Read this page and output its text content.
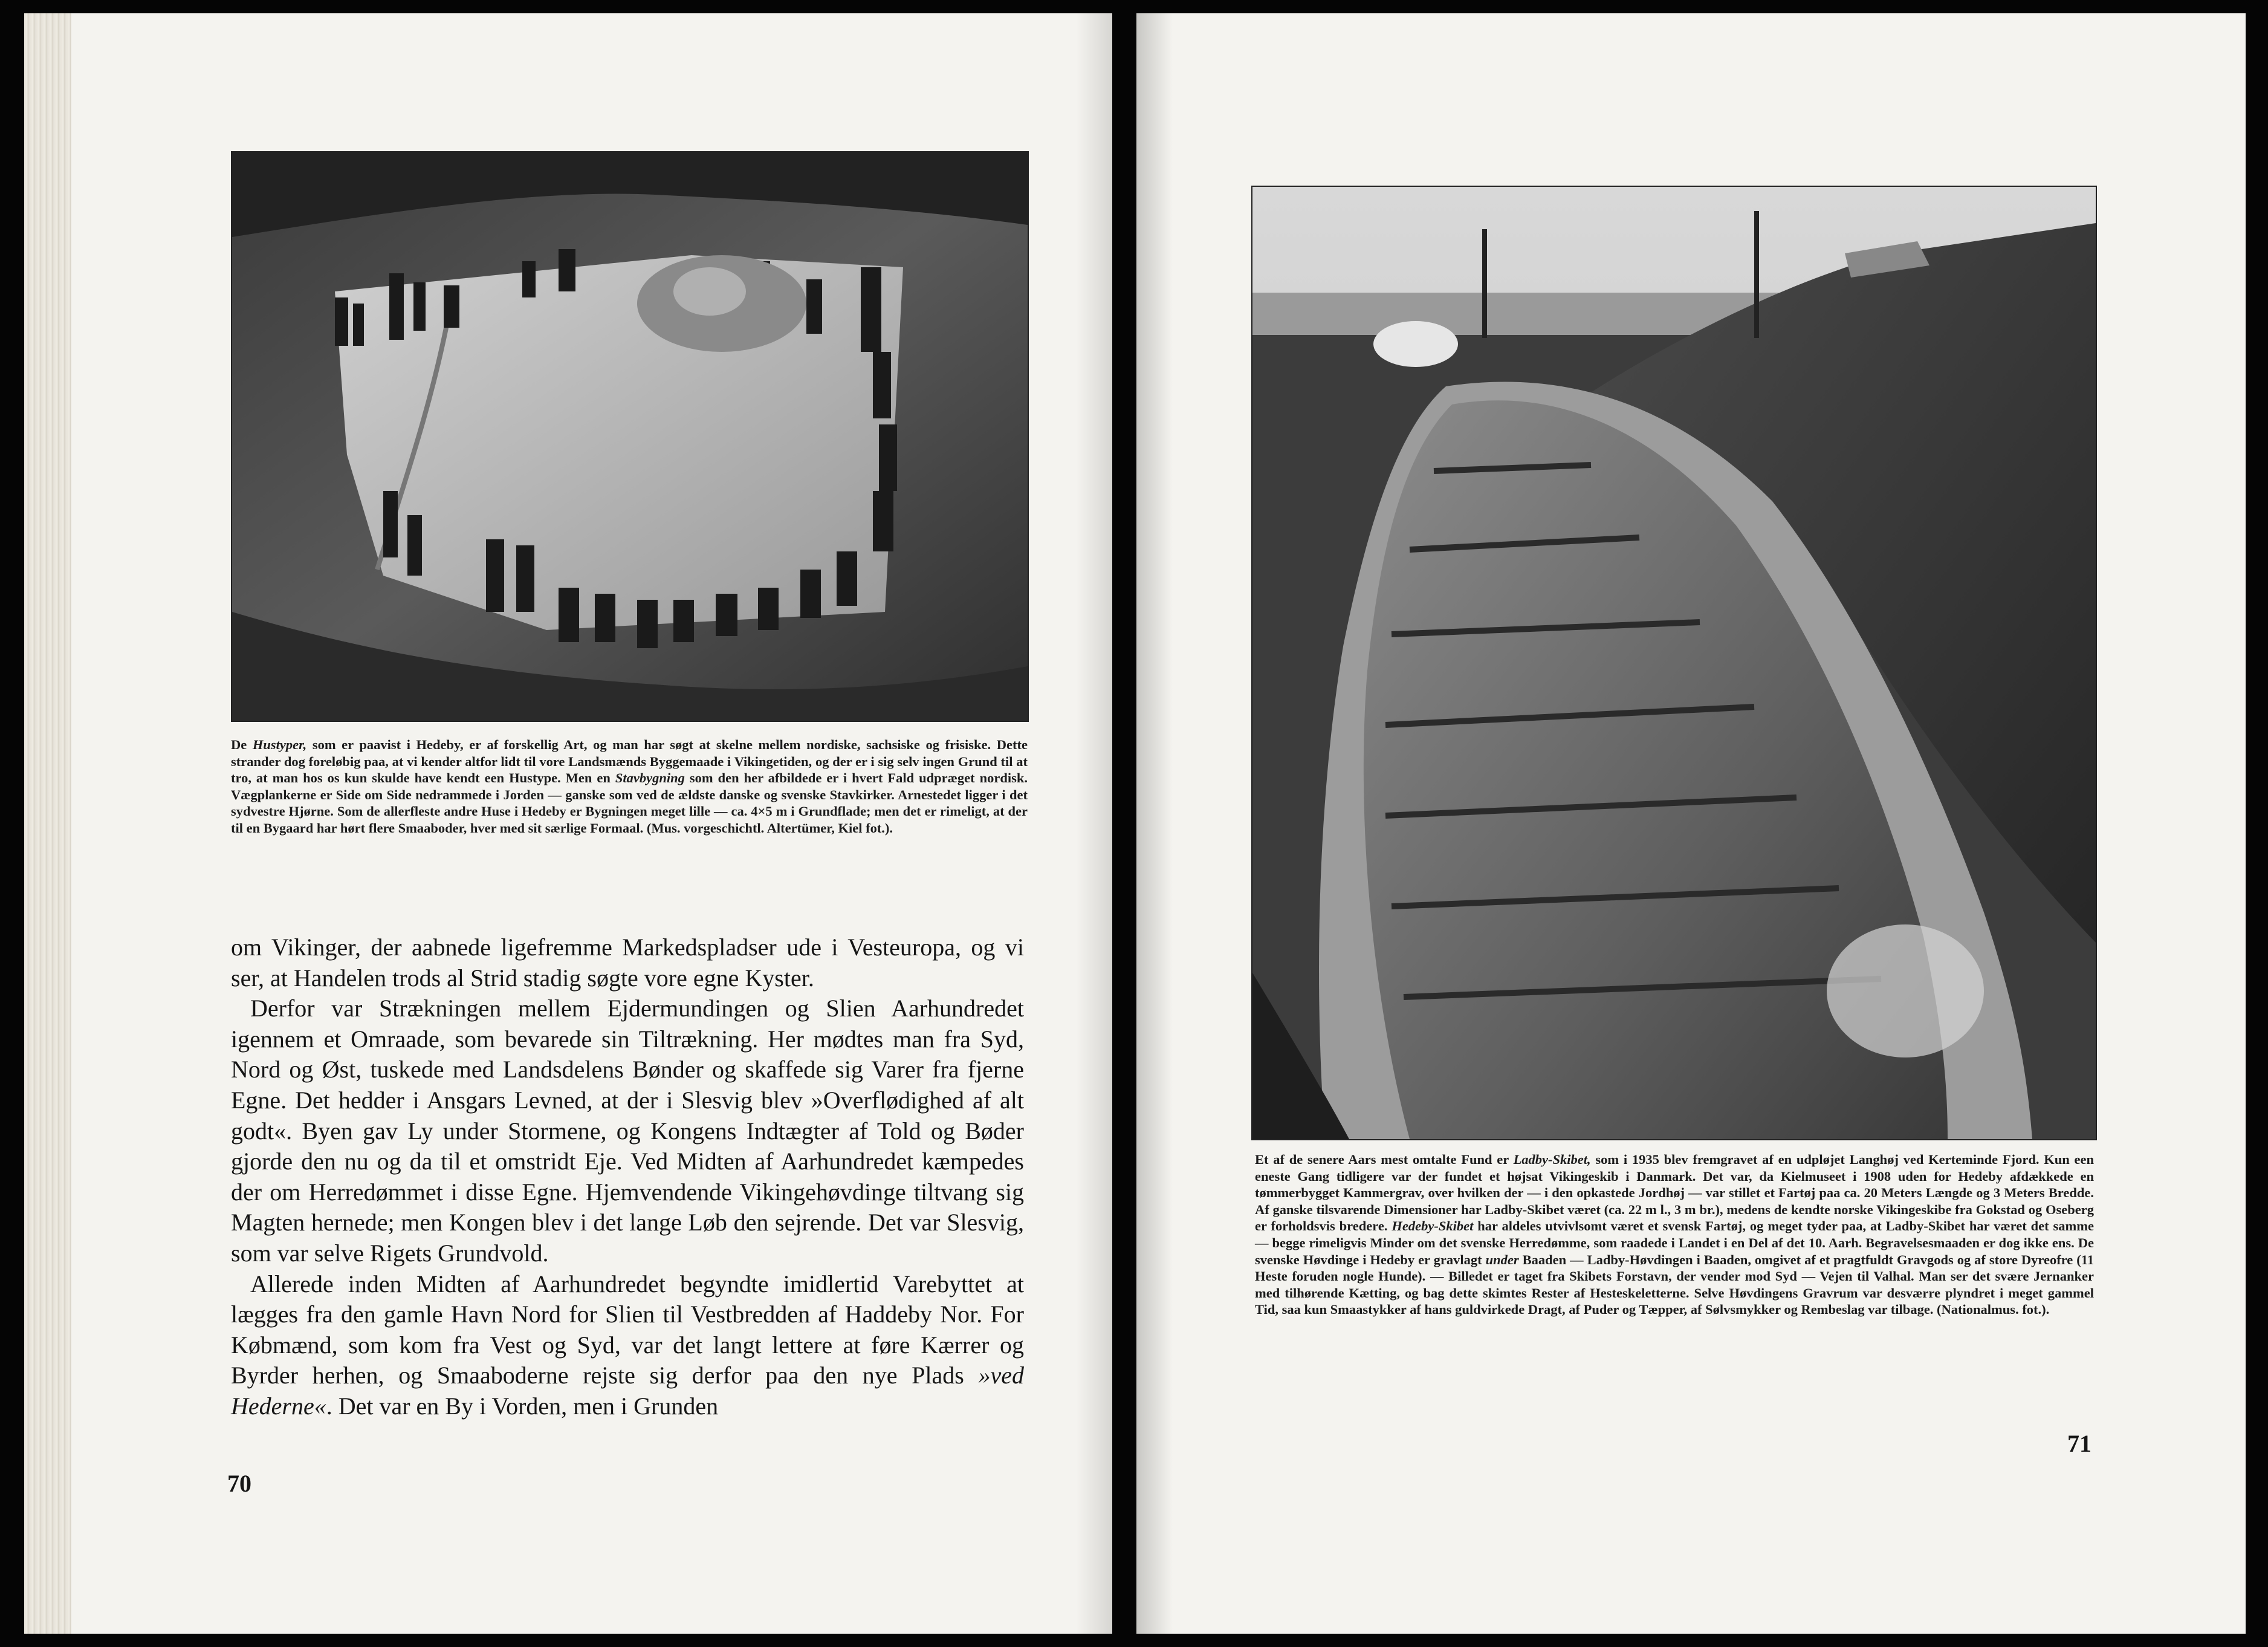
De Hustyper, som er paavist i Hedeby, er af forskellig Art, og man har søgt at skelne mellem nordiske, sachsiske og frisiske. Dette strander dog foreløbig paa, at vi kender altfor lidt til vore Landsmænds Byggemaade i Vikingetiden, og der er i sig selv ingen Grund til at tro, at man hos os kun skulde have kendt een Hustype. Men en Stavbygning som den her afbildede er i hvert Fald udpræget nordisk. Vægplankerne er Side om Side nedrammede i Jorden — ganske som ved de ældste danske og svenske Stavkirker. Arnestedet ligger i det sydvestre Hjørne. Som de allerfleste andre Huse i Hedeby er Bygningen meget lille — ca. 4×5 m i Grundflade; men det er rimeligt, at der til en Bygaard har hørt flere Smaaboder, hver med sit særlige Formaal. (Mus. vorgeschichtl. Altertümer, Kiel fot.).

om Vikinger, der aabnede ligefremme Markedspladser ude i Vesteuropa, og vi ser, at Handelen trods al Strid stadig søgte vore egne Kyster.

Derfor var Strækningen mellem Ejdermundingen og Slien Aarhundredet igennem et Omraade, som bevarede sin Tiltrækning. Her mødtes man fra Syd, Nord og Øst, tuskede med Landsdelens Bønder og skaffede sig Varer fra fjerne Egne. Det hedder i Ansgars Levned, at der i Slesvig blev »Overflødighed af alt godt«. Byen gav Ly under Stormene, og Kongens Indtægter af Told og Bøder gjorde den nu og da til et omstridt Eje. Ved Midten af Aarhundredet kæmpedes der om Herredømmet i disse Egne. Hjemvendende Vikingehøvdinge tiltvang sig Magten hernede; men Kongen blev i det lange Løb den sejrende. Det var Slesvig, som var selve Rigets Grundvold.

Allerede inden Midten af Aarhundredet begyndte imidlertid Varebyttet at lægges fra den gamle Havn Nord for Slien til Vestbredden af Haddeby Nor. For Købmænd, som kom fra Vest og Syd, var det langt lettere at føre Kærrer og Byrder herhen, og Smaaboderne rejste sig derfor paa den nye Plads »ved Hederne«. Det var en By i Vorden, men i Grunden

70

Et af de senere Aars mest omtalte Fund er Ladby-Skibet, som i 1935 blev fremgravet af en udpløjet Langhøj ved Kerteminde Fjord. Kun een eneste Gang tidligere var der fundet et højsat Vikingeskib i Danmark. Det var, da Kielmuseet i 1908 uden for Hedeby afdækkede en tømmerbygget Kammergrav, over hvilken der — i den opkastede Jordhøj — var stillet et Fartøj paa ca. 20 Meters Længde og 3 Meters Bredde. Af ganske tilsvarende Dimensioner har Ladby-Skibet været (ca. 22 m l., 3 m br.), medens de kendte norske Vikingeskibe fra Gokstad og Oseberg er forholdsvis bredere. Hedeby-Skibet har aldeles utvivlsomt været et svensk Fartøj, og meget tyder paa, at Ladby-Skibet har været det samme — begge rimeligvis Minder om det svenske Herredømme, som raadede i Landet i en Del af det 10. Aarh. Begravelsesmaaden er dog ikke ens. De svenske Høvdinge i Hedeby er gravlagt under Baaden — Ladby-Høvdingen i Baaden, omgivet af et pragtfuldt Gravgods og af store Dyreofre (11 Heste foruden nogle Hunde). — Billedet er taget fra Skibets Forstavn, der vender mod Syd — Vejen til Valhal. Man ser det svære Jernanker med tilhørende Kætting, og bag dette skimtes Rester af Hesteskeletterne. Selve Høvdingens Gravrum var desværre plyndret i meget gammel Tid, saa kun Smaastykker af hans guldvirkede Dragt, af Puder og Tæpper, af Sølvsmykker og Rembeslag var tilbage. (Nationalmus. fot.).

71
